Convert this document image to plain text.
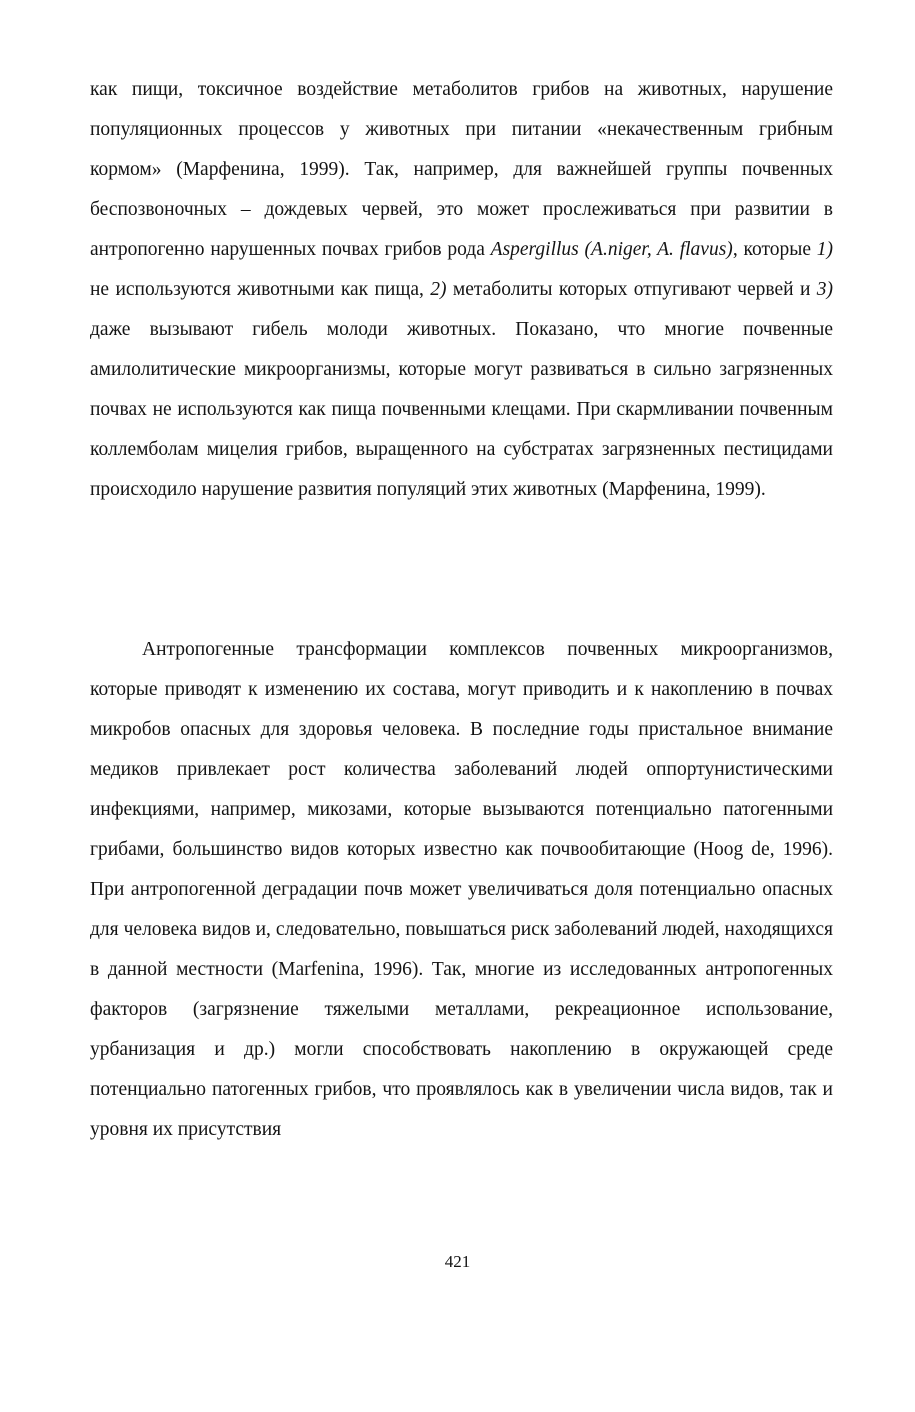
как пищи, токсичное воздействие метаболитов грибов на животных, нарушение популяционных процессов у животных при питании «некачественным грибным кормом» (Марфенина, 1999). Так, например, для важнейшей группы почвенных беспозвоночных – дождевых червей, это может прослеживаться при развитии в антропогенно нарушенных почвах грибов рода Aspergillus (A.niger, A. flavus), которые 1) не используются животными как пища, 2) метаболиты которых отпугивают червей и 3) даже вызывают гибель молоди животных. Показано, что многие почвенные амилолитические микроорганизмы, которые могут развиваться в сильно загрязненных почвах не используются как пища почвенными клещами. При скармливании почвенным коллемболам мицелия грибов, выращенного на субстратах загрязненных пестицидами происходило нарушение развития популяций этих животных (Марфенина, 1999).

Антропогенные трансформации комплексов почвенных микроорганизмов, которые приводят к изменению их состава, могут приводить и к накоплению в почвах микробов опасных для здоровья человека. В последние годы пристальное внимание медиков привлекает рост количества заболеваний людей оппортунистическими инфекциями, например, микозами, которые вызываются потенциально патогенными грибами, большинство видов которых известно как почвообитающие (Hoog de, 1996). При антропогенной деградации почв может увеличиваться доля потенциально опасных для человека видов и, следовательно, повышаться риск заболеваний людей, находящихся в данной местности (Marfenina, 1996). Так, многие из исследованных антропогенных факторов (загрязнение тяжелыми металлами, рекреационное использование, урбанизация и др.) могли способствовать накоплению в окружающей среде потенциально патогенных грибов, что проявлялось как в увеличении числа видов, так и уровня их присутствия

421
